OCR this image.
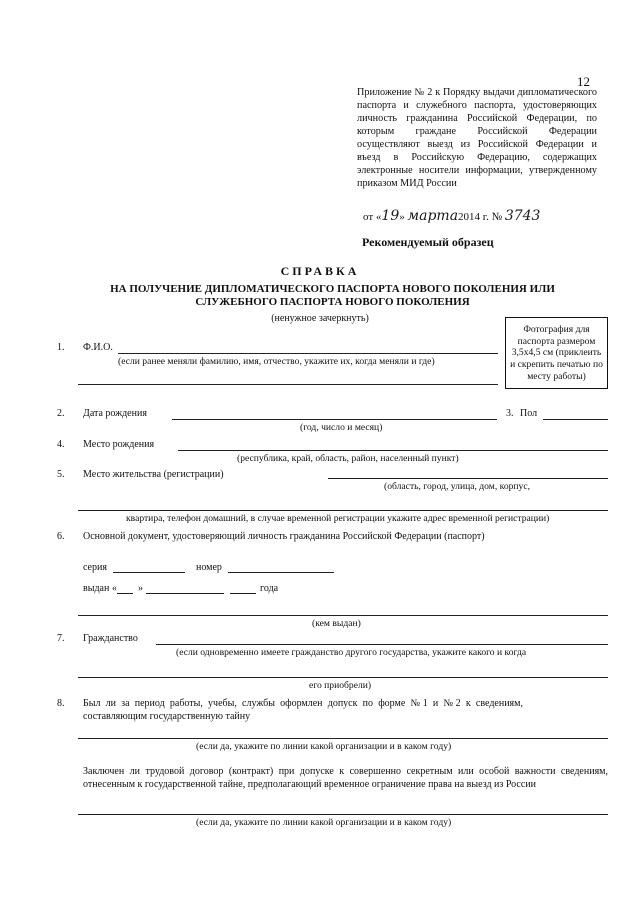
12
Приложение № 2 к Порядку выдачи дипломатического паспорта и служебного паспорта, удостоверяющих личность гражданина Российской Федерации, по которым граждане Российской Федерации осуществляют выезд из Российской Федерации и въезд в Российскую Федерацию, содержащих электронные носители информации, утвержденному приказом МИД России
от «19» марта2014 г. № 3743
Рекомендуемый образец
СПРАВКА
НА ПОЛУЧЕНИЕ ДИПЛОМАТИЧЕСКОГО ПАСПОРТА НОВОГО ПОКОЛЕНИЯ ИЛИ СЛУЖЕБНОГО ПАСПОРТА НОВОГО ПОКОЛЕНИЯ
(ненужное зачеркнуть)
Фотография для паспорта размером 3,5х4,5 см (приклеить и скрепить печатью по месту работы)
1. Ф.И.О.
(если ранее меняли фамилию, имя, отчество, укажите их, когда меняли и где)
2. Дата рождения
(год, число и месяц)
3. Пол
4. Место рождения
(республика, край, область, район, населенный пункт)
5. Место жительства (регистрации)
(область, город, улица, дом, корпус,
квартира, телефон домашний, в случае временной регистрации укажите адрес временной регистрации)
6. Основной документ, удостоверяющий личность гражданина Российской Федерации (паспорт)
серия	номер
выдан « »	года
(кем выдан)
7. Гражданство
(если одновременно имеете гражданство другого государства, укажите какого и когда
его приобрели)
8. Был ли за период работы, учебы, службы оформлен допуск по форме №1 и №2 к сведениям, составляющим государственную тайну
(если да, укажите по линии какой организации и в каком году)
Заключен ли трудовой договор (контракт) при допуске к совершенно секретным или особой важности сведениям, отнесенным к государственной тайне, предполагающий временное ограничение права на выезд из России
(если да, укажите по линии какой организации и в каком году)
